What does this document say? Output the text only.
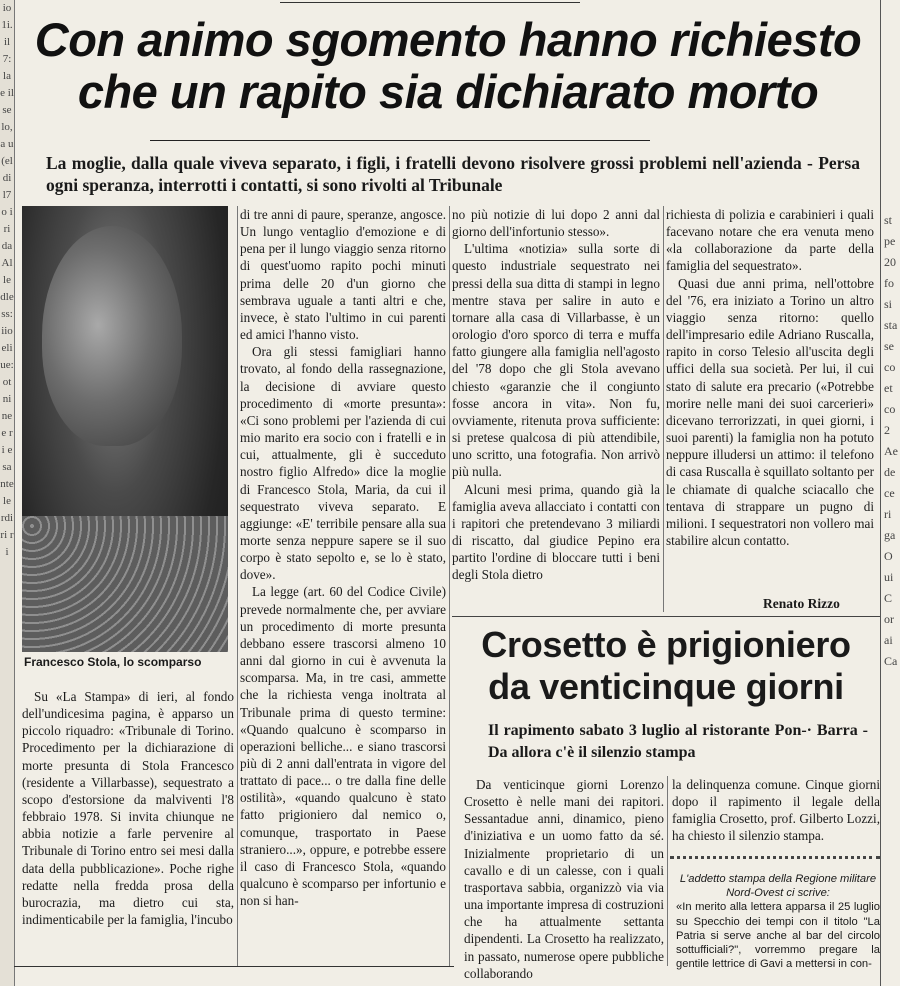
io1i. il 7: la e ilse lo, a u(el di l7 o i ri da Alle dle ss: iio eli ue: ot ni ne e ri e sa ntele rdi ri ri
st pe 20 fo si sta se co et co 2 Ae de ce ri ga O ui C or ai Ca
Con animo sgomento hanno richiesto
che un rapito sia dichiarato morto

La moglie, dalla quale viveva separato, i figli, i fratelli devono risolvere grossi problemi nell'azienda - Persa ogni speranza, interrotti i contatti, si sono rivolti al Tribunale

Francesco Stola, lo scomparso

Su «La Stampa» di ieri, al fondo dell'undicesima pagina, è apparso un piccolo riquadro: «Tribunale di Torino. Procedimento per la dichiarazione di morte presunta di Stola Francesco (residente a Villarbasse), sequestrato a scopo d'estorsione da malviventi l'8 febbraio 1978. Si invita chiunque ne abbia notizie a farle pervenire al Tribunale di Torino entro sei mesi dalla data della pubblicazione». Poche righe redatte nella fredda prosa della burocrazia, ma dietro cui sta, indimenticabile per la famiglia, l'incubo

di tre anni di paure, speranze, angosce. Un lungo ventaglio d'emozione e di pena per il lungo viaggio senza ritorno di quest'uomo rapito pochi minuti prima delle 20 d'un giorno che sembrava uguale a tanti altri e che, invece, è stato l'ultimo in cui parenti ed amici l'hanno visto.

Ora gli stessi famigliari hanno trovato, al fondo della rassegnazione, la decisione di avviare questo procedimento di «morte presunta»: «Ci sono problemi per l'azienda di cui mio marito era socio con i fratelli e in cui, attualmente, gli è succeduto nostro figlio Alfredo» dice la moglie di Francesco Stola, Maria, da cui il sequestrato viveva separato. E aggiunge: «E' terribile pensare alla sua morte senza neppure sapere se il suo corpo è stato sepolto e, se lo è stato, dove».

La legge (art. 60 del Codice Civile) prevede normalmente che, per avviare un procedimento di morte presunta debbano essere trascorsi almeno 10 anni dal giorno in cui è avvenuta la scomparsa. Ma, in tre casi, ammette che la richiesta venga inoltrata al Tribunale prima di questo termine: «Quando qualcuno è scomparso in operazioni belliche... e siano trascorsi più di 2 anni dall'entrata in vigore del trattato di pace... o tre dalla fine delle ostilità», «quando qualcuno è stato fatto prigioniero dal nemico o, comunque, trasportato in Paese straniero...», oppure, e potrebbe essere il caso di Francesco Stola, «quando qualcuno è scomparso per infortunio e non si han-

no più notizie di lui dopo 2 anni dal giorno dell'infortunio stesso».

L'ultima «notizia» sulla sorte di questo industriale sequestrato nei pressi della sua ditta di stampi in legno mentre stava per salire in auto e tornare alla casa di Villarbasse, è un orologio d'oro sporco di terra e muffa fatto giungere alla famiglia nell'agosto del '78 dopo che gli Stola avevano chiesto «garanzie che il congiunto fosse ancora in vita». Non fu, ovviamente, ritenuta prova sufficiente: si pretese qualcosa di più attendibile, uno scritto, una fotografia. Non arrivò più nulla.

Alcuni mesi prima, quando già la famiglia aveva allacciato i contatti con i rapitori che pretendevano 3 miliardi di riscatto, dal giudice Pepino era partito l'ordine di bloccare tutti i beni degli Stola dietro

richiesta di polizia e carabinieri i quali facevano notare che era venuta meno «la collaborazione da parte della famiglia del sequestrato».

Quasi due anni prima, nell'ottobre del '76, era iniziato a Torino un altro viaggio senza ritorno: quello dell'impresario edile Adriano Ruscalla, rapito in corso Telesio all'uscita degli uffici della sua società. Per lui, il cui stato di salute era precario («Potrebbe morire nelle mani dei suoi carcerieri» dicevano terrorizzati, in quei giorni, i suoi parenti) la famiglia non ha potuto neppure illudersi un attimo: il telefono di casa Ruscalla è squillato soltanto per le chiamate di qualche sciacallo che tentava di strappare un pugno di milioni. I sequestratori non vollero mai stabilire alcun contatto.

Renato Rizzo

Crosetto è prigioniero
da venticinque giorni

Il rapimento sabato 3 luglio al ristorante Pon-· Barra - Da allora c'è il silenzio stampa

Da venticinque giorni Lorenzo Crosetto è nelle mani dei rapitori. Sessantadue anni, dinamico, pieno d'iniziativa e un uomo fatto da sé. Inizialmente proprietario di un cavallo e di un calesse, con i quali trasportava sabbia, organizzò via via una importante impresa di costruzioni che ha attualmente settanta dipendenti. La Crosetto ha realizzato, in passato, numerose opere pubbliche collaborando

la delinquenza comune. Cinque giorni dopo il rapimento il legale della famiglia Crosetto, prof. Gilberto Lozzi, ha chiesto il silenzio stampa.

L'addetto stampa della Regione militare Nord-Ovest ci scrive:
«In merito alla lettera apparsa il 25 luglio su Specchio dei tempi con il titolo "La Patria si serve anche al bar del circolo sottufficiali?", vorremmo pregare la gentile lettrice di Gavi a mettersi in con-
